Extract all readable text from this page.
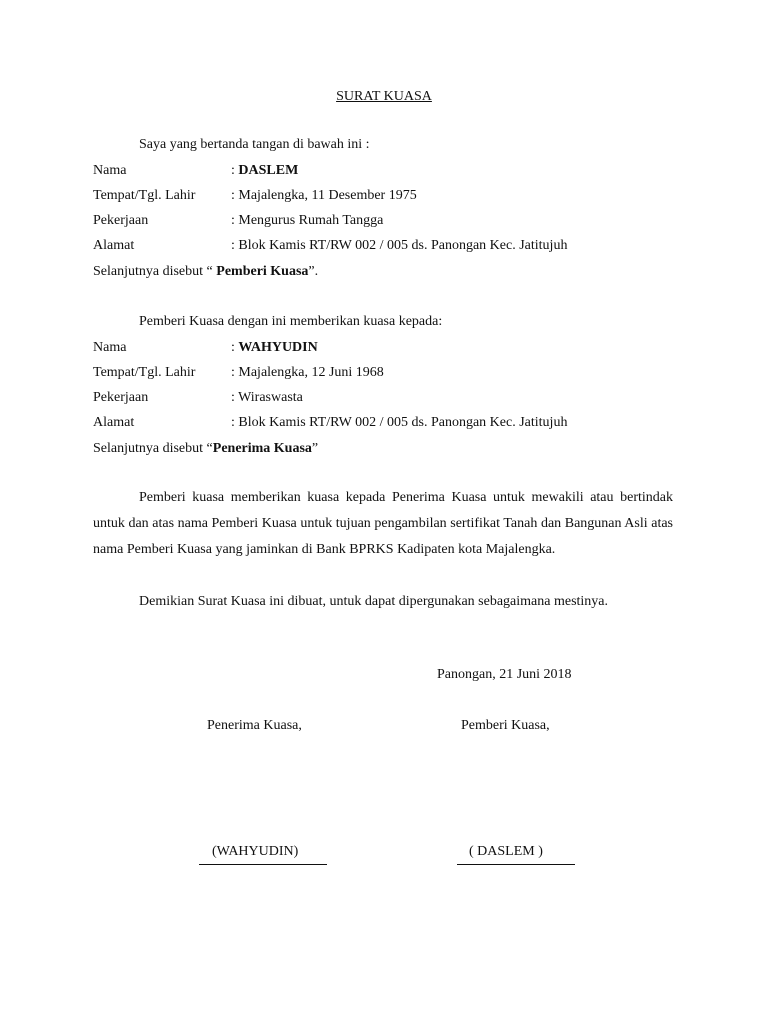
SURAT KUASA
Saya yang bertanda tangan di bawah ini :
Nama	: DASLEM
Tempat/Tgl. Lahir	: Majalengka, 11 Desember 1975
Pekerjaan	: Mengurus Rumah Tangga
Alamat	: Blok Kamis RT/RW 002 / 005 ds. Panongan Kec. Jatitujuh
Selanjutnya disebut “ Pemberi Kuasa”.
Pemberi Kuasa dengan ini memberikan kuasa kepada:
Nama	: WAHYUDIN
Tempat/Tgl. Lahir	: Majalengka, 12 Juni 1968
Pekerjaan	: Wiraswasta
Alamat	: Blok Kamis RT/RW 002 / 005 ds. Panongan Kec. Jatitujuh
Selanjutnya disebut “Penerima Kuasa”
Pemberi kuasa memberikan kuasa kepada Penerima Kuasa untuk mewakili atau bertindak untuk dan atas nama Pemberi Kuasa untuk tujuan pengambilan sertifikat Tanah dan Bangunan Asli atas nama Pemberi Kuasa yang jaminkan di Bank BPRKS Kadipaten kota Majalengka.
Demikian Surat Kuasa ini dibuat, untuk dapat dipergunakan sebagaimana mestinya.
Panongan, 21 Juni 2018
Penerima Kuasa,	Pemberi Kuasa,
(WAHYUDIN)	( DASLEM )
